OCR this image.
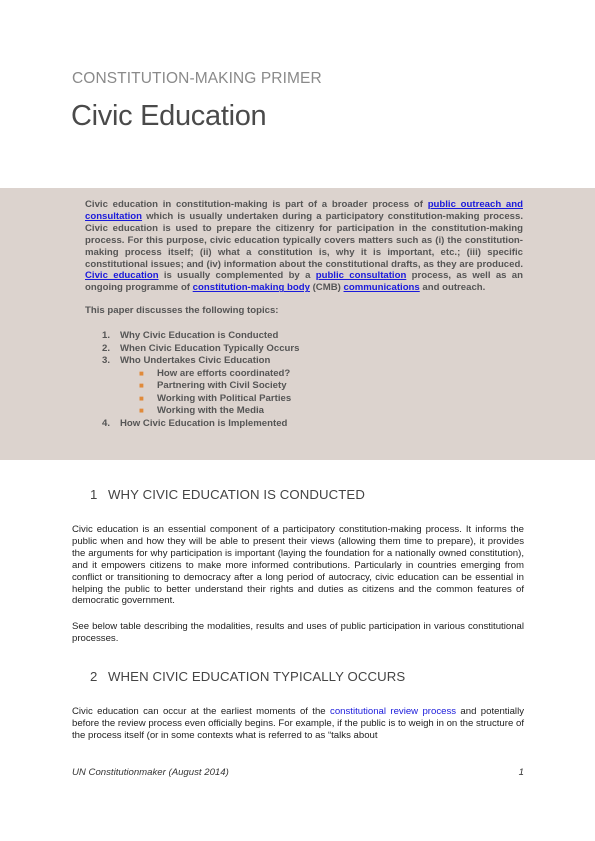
CONSTITUTION-MAKING PRIMER
Civic Education

Civic education in constitution-making is part of a broader process of public outreach and consultation which is usually undertaken during a participatory constitution-making process. Civic education is used to prepare the citizenry for participation in the constitution-making process. For this purpose, civic education typically covers matters such as (i) the constitution-making process itself; (ii) what a constitution is, why it is important, etc.; (iii) specific constitutional issues; and (iv) information about the constitutional drafts, as they are produced. Civic education is usually complemented by a public consultation process, as well as an ongoing programme of constitution-making body (CMB) communications and outreach.

This paper discusses the following topics:

1. Why Civic Education is Conducted
2. When Civic Education Typically Occurs
3. Who Undertakes Civic Education
■ How are efforts coordinated?
■ Partnering with Civil Society
■ Working with Political Parties
■ Working with the Media
4. How Civic Education is Implemented
1 WHY CIVIC EDUCATION IS CONDUCTED

Civic education is an essential component of a participatory constitution-making process. It informs the public when and how they will be able to present their views (allowing them time to prepare), it provides the arguments for why participation is important (laying the foundation for a nationally owned constitution), and it empowers citizens to make more informed contributions. Particularly in countries emerging from conflict or transitioning to democracy after a long period of autocracy, civic education can be essential in helping the public to better understand their rights and duties as citizens and the common features of democratic government.

See below table describing the modalities, results and uses of public participation in various constitutional processes.

2 WHEN CIVIC EDUCATION TYPICALLY OCCURS

Civic education can occur at the earliest moments of the constitutional review process and potentially before the review process even officially begins. For example, if the public is to weigh in on the structure of the process itself (or in some contexts what is referred to as “talks about

UN Constitutionmaker (August 2014)	1
